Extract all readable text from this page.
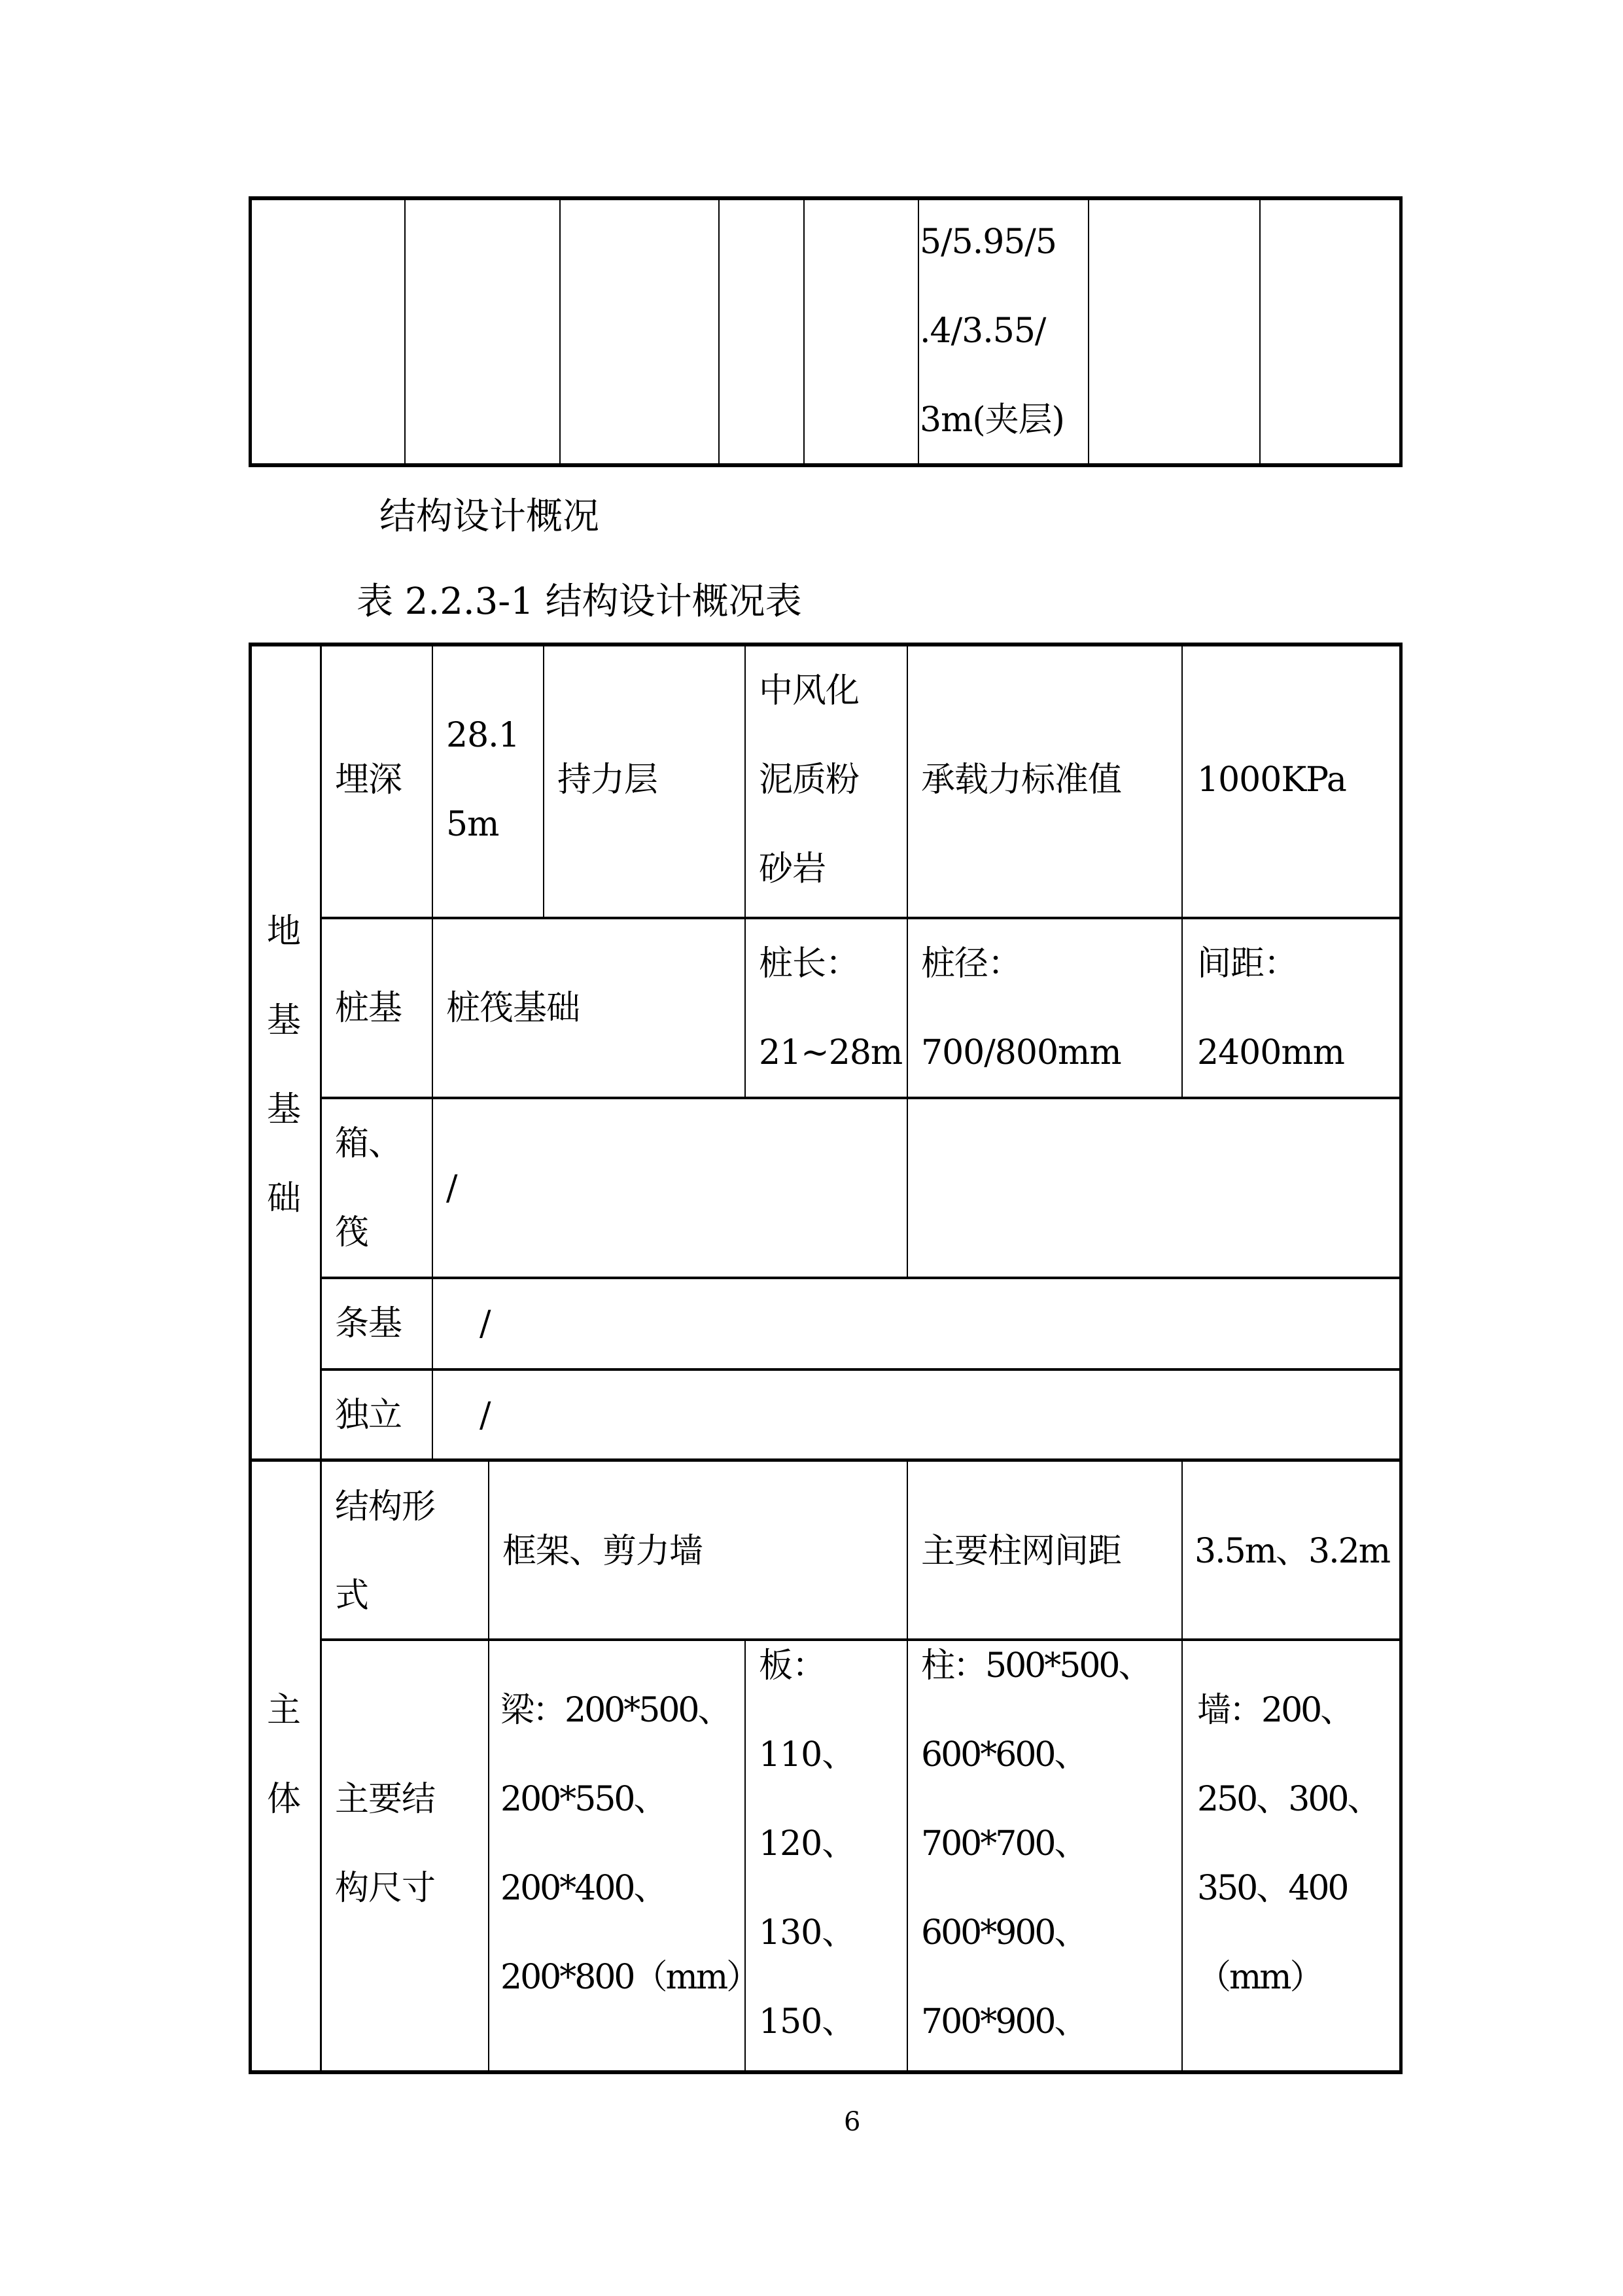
5/5.95/5
.4/3.55/
3m(夹层)
结构设计概况
表 2.2.3-1 结构设计概况表
地
基
基
础
埋深
28.1
5m
持力层
中风化
泥质粉
砂岩
承载力标准值 1000KPa
桩基 桩筏基础
桩长：
21~28m
桩径：
700/800mm
间距：
2400mm
箱、
筏
/
条基 /
独立 /
主
体
结构形
式
框架、剪力墙	主要柱网间距 3.5m、3.2m
主要结
构尺寸
梁：200*500、
200*550、
200*400、
200*800（mm）
板：
110、
120、
130、
150、
柱：500*500、
600*600、
700*700、
600*900、
700*900、
墙：200、
250、300、
350、400
（mm）
6
